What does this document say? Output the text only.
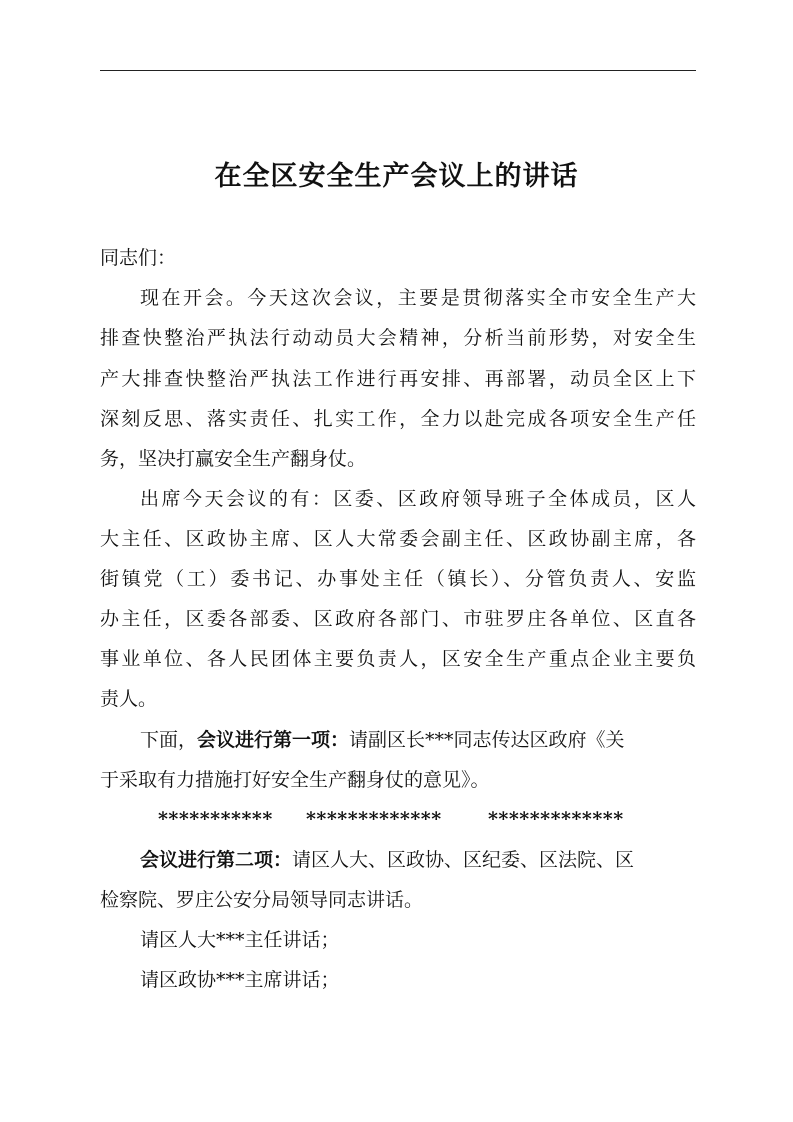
在全区安全生产会议上的讲话
同志们：
现在开会。今天这次会议，主要是贯彻落实全市安全生产大
排查快整治严执法行动动员大会精神，分析当前形势，对安全生
产大排查快整治严执法工作进行再安排、再部署，动员全区上下
深刻反思、落实责任、扎实工作，全力以赴完成各项安全生产任
务，坚决打赢安全生产翻身仗。
出席今天会议的有：区委、区政府领导班子全体成员，区人
大主任、区政协主席、区人大常委会副主任、区政协副主席，各
街镇党（工）委书记、办事处主任（镇长）、分管负责人、安监
办主任，区委各部委、区政府各部门、市驻罗庄各单位、区直各
事业单位、各人民团体主要负责人，区安全生产重点企业主要负
责人。
下面，会议进行第一项：请副区长***同志传达区政府《关
于采取有力措施打好安全生产翻身仗的意见》。
*********** ************* *************
会议进行第二项：请区人大、区政协、区纪委、区法院、区
检察院、罗庄公安分局领导同志讲话。
请区人大***主任讲话；
请区政协***主席讲话；
